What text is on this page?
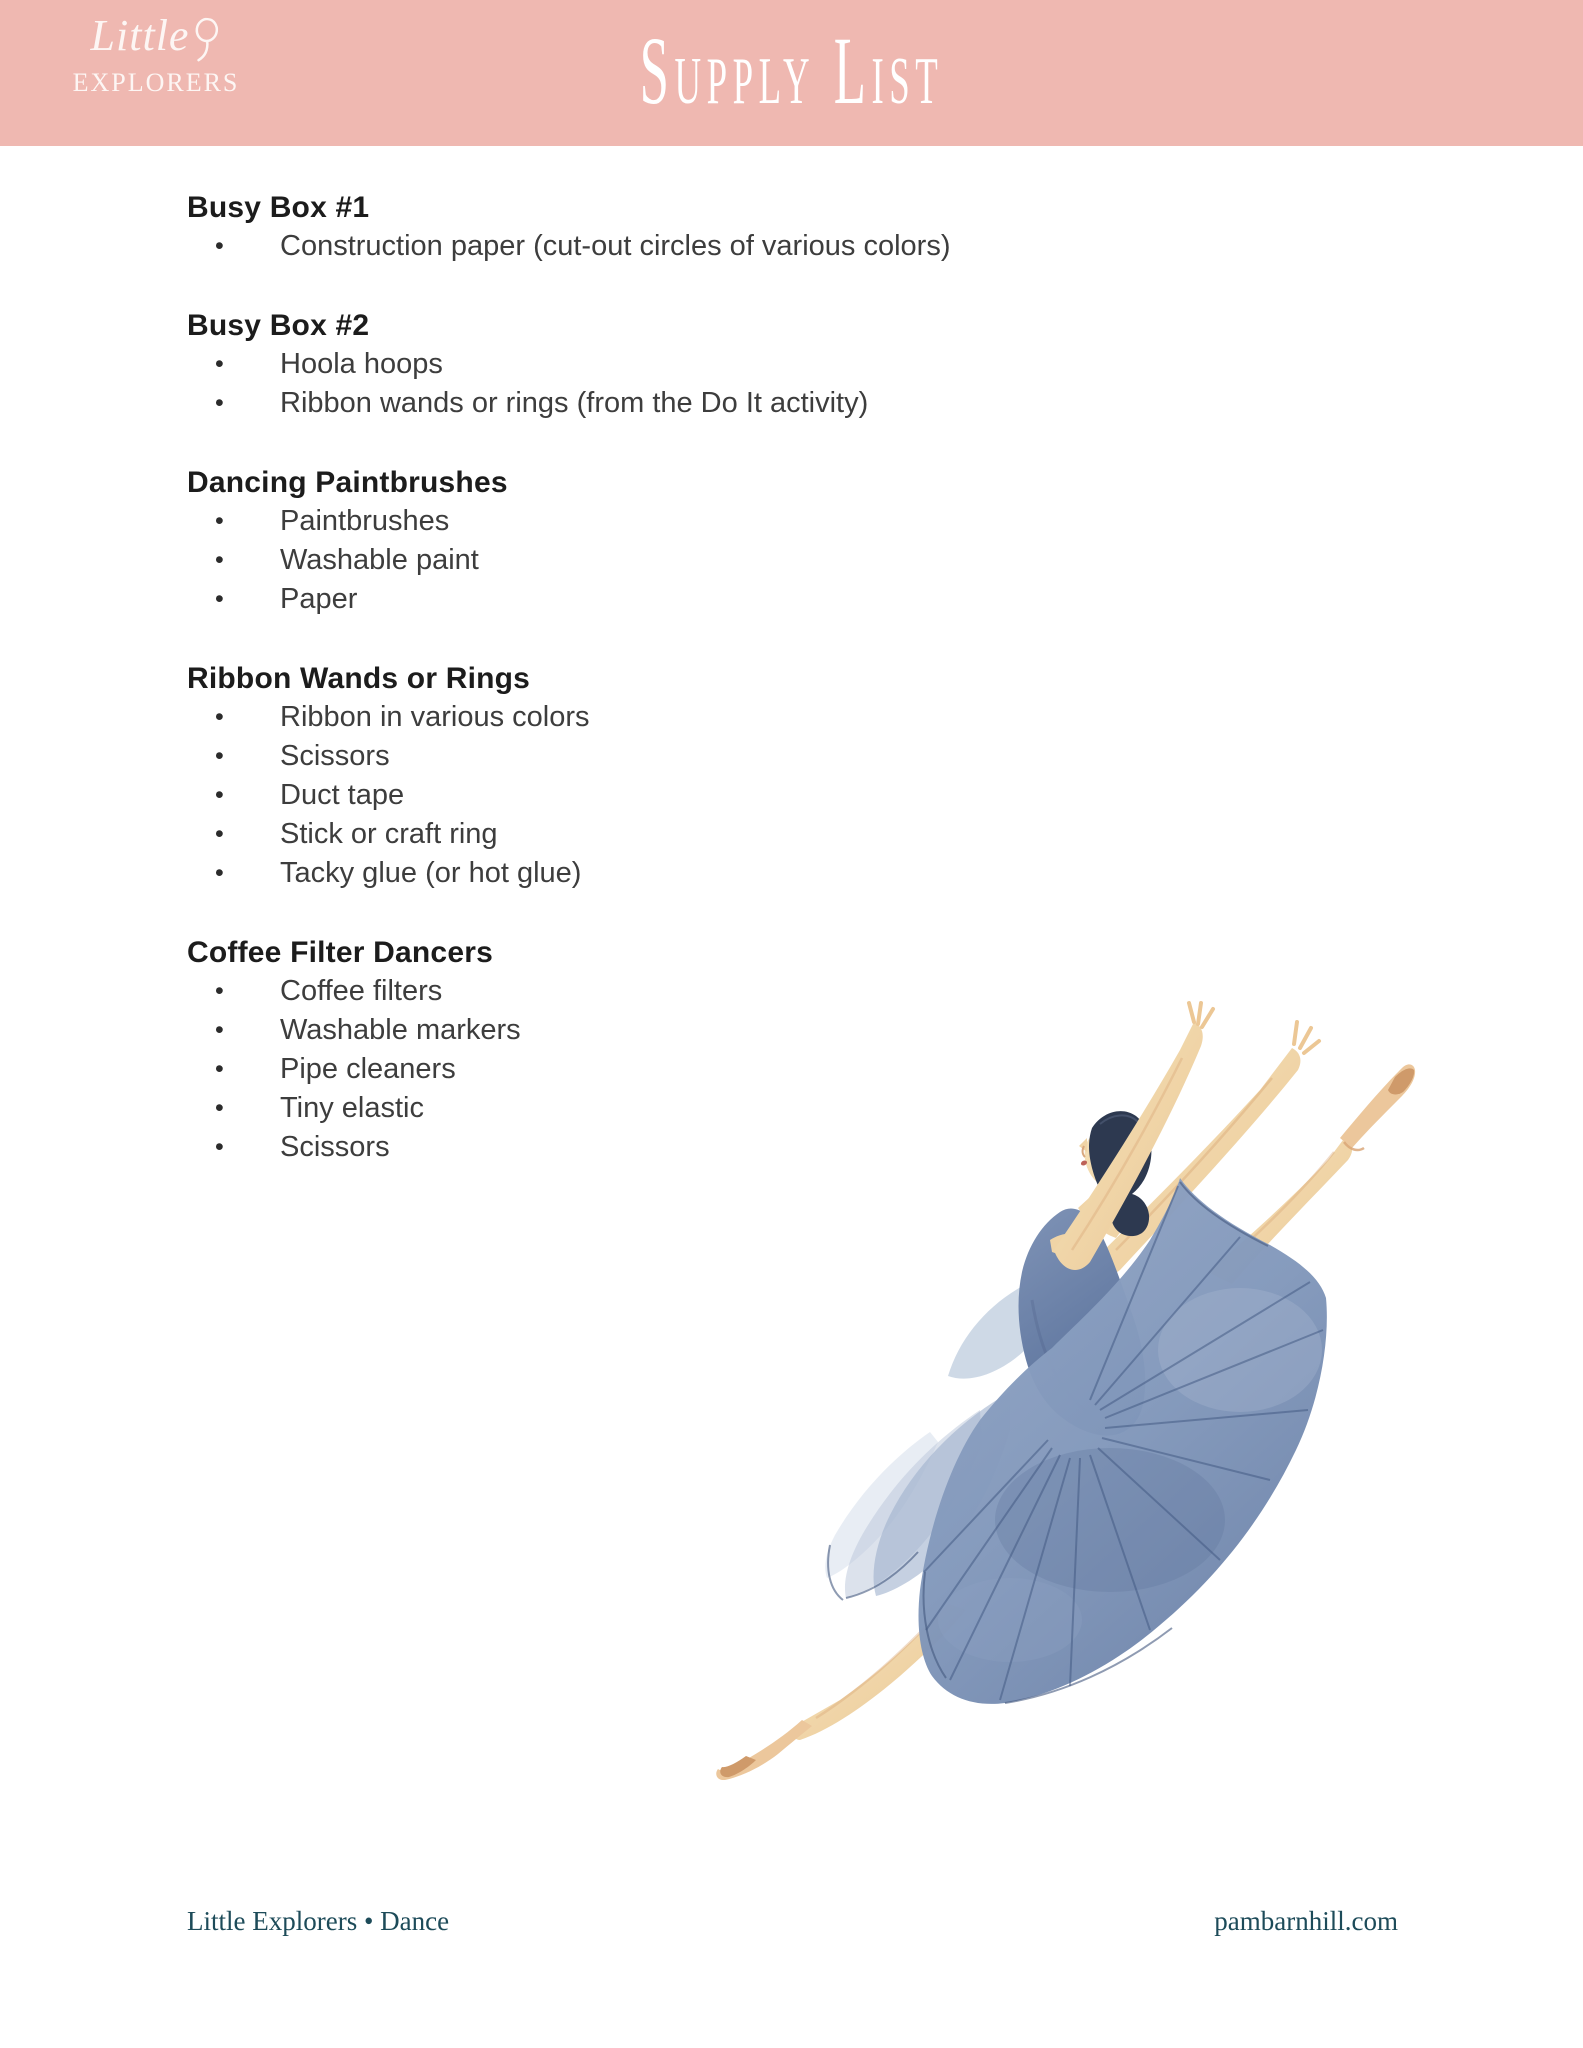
Little
EXPLORERS	Supply List
Busy Box #1
•	Construction paper (cut-out circles of various colors)
Busy Box #2
•	Hoola hoops
•	Ribbon wands or rings (from the Do It activity)
Dancing Paintbrushes
•	Paintbrushes
•	Washable paint
•	Paper
Ribbon Wands or Rings
•	Ribbon in various colors
•	Scissors
•	Duct tape
•	Stick or craft ring
•	Tacky glue (or hot glue)
Coffee Filter Dancers
•	Coffee filters
•	Washable markers
•	Pipe cleaners
•	Tiny elastic
•	Scissors
Little Explorers • Dance	pambarnhill.com
